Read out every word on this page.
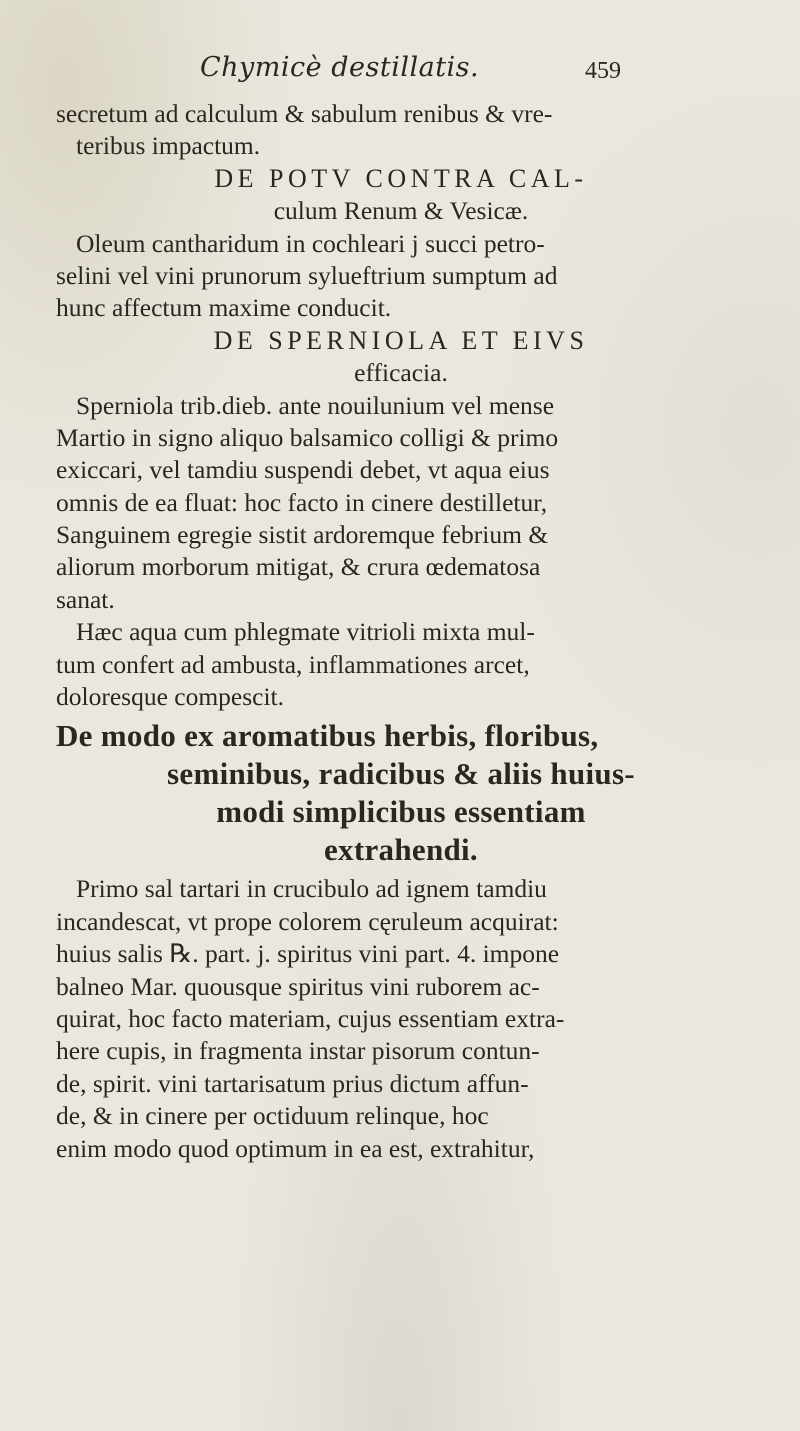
Chymicè destillatis.	459
secretum ad calculum & sabulum renibus & vre-
teribus impactum.
DE POTV CONTRA CAL-
culum Renum & Vesicæ.
Oleum cantharidum in cochleari j succi petro-
selini vel vini prunorum sylueftrium sumptum ad
hunc affectum maxime conducit.
DE SPERNIOLA ET EIVS
efficacia.
Sperniola trib.dieb. ante nouilunium vel mense
Martio in signo aliquo balsamico colligi & primo
exiccari, vel tamdiu suspendi debet, vt aqua eius
omnis de ea fluat: hoc facto in cinere destilletur,
Sanguinem egregie sistit ardoremque febrium &
aliorum morborum mitigat, & crura œdematosa
sanat.
Hæc aqua cum phlegmate vitrioli mixta mul-
tum confert ad ambusta, inflammationes arcet,
doloresque compescit.
De modo ex aromatibus herbis, floribus,
seminibus, radicibus & aliis huius-
modi simplicibus essentiam
extrahendi.
Primo sal tartari in crucibulo ad ignem tamdiu
incandescat, vt prope colorem cęruleum acquirat:
huius salis ℞. part. j. spiritus vini part. 4. impone
balneo Mar. quousque spiritus vini ruborem ac-
quirat, hoc facto materiam, cujus essentiam extra-
here cupis, in fragmenta instar pisorum contun-
de, spirit. vini tartarisatum prius dictum affun-
de, & in cinere per octiduum relinque, hoc
enim modo quod optimum in ea est, extrahitur,
